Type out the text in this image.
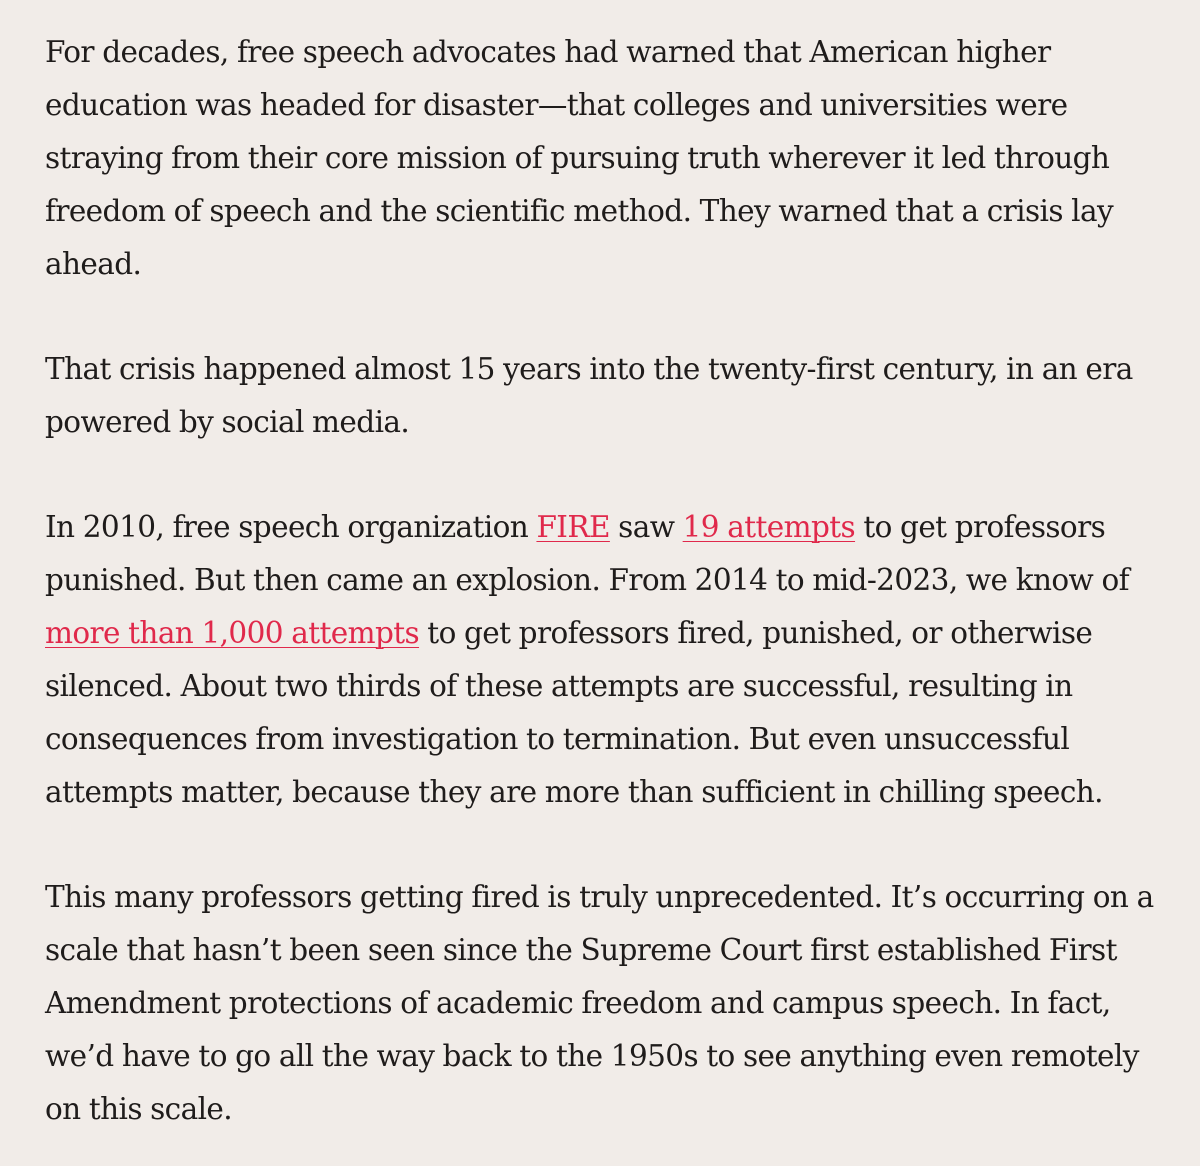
For decades, free speech advocates had warned that American higher education was headed for disaster—that colleges and universities were straying from their core mission of pursuing truth wherever it led through freedom of speech and the scientific method. They warned that a crisis lay ahead.

That crisis happened almost 15 years into the twenty-first century, in an era powered by social media.

In 2010, free speech organization FIRE saw 19 attempts to get professors punished. But then came an explosion. From 2014 to mid-2023, we know of more than 1,000 attempts to get professors fired, punished, or otherwise silenced. About two thirds of these attempts are successful, resulting in consequences from investigation to termination. But even unsuccessful attempts matter, because they are more than sufficient in chilling speech.

This many professors getting fired is truly unprecedented. It’s occurring on a scale that hasn’t been seen since the Supreme Court first established First Amendment protections of academic freedom and campus speech. In fact, we’d have to go all the way back to the 1950s to see anything even remotely on this scale.
